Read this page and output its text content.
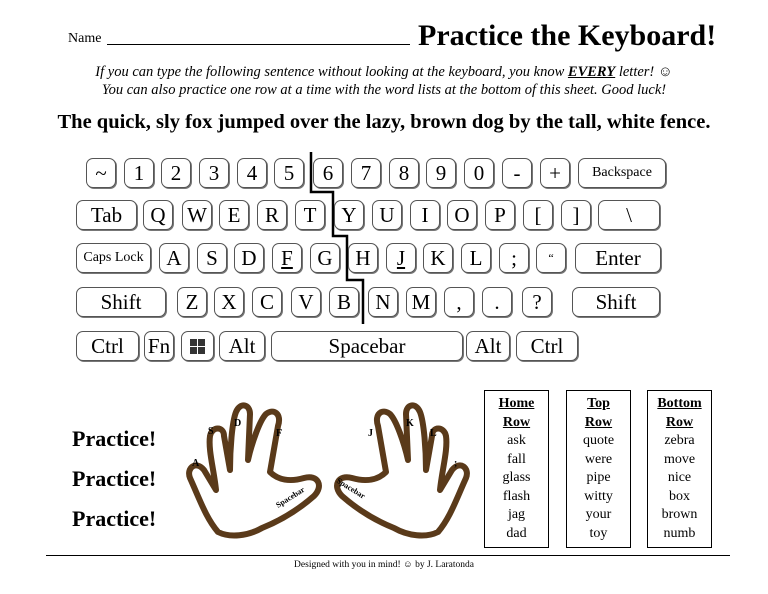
Name	Practice the Keyboard!
If you can type the following sentence without looking at the keyboard, you know EVERY letter! ☺
You can also practice one row at a time with the word lists at the bottom of this sheet. Good luck!
The quick, sly fox jumped over the lazy, brown dog by the tall, white fence.
~	1	2	3	4	5	6	7	8	9	0	-	+	Backspace
Tab	Q	W E	R	T	Y	U	I	O	P	[	]	\
Caps Lock	A	S	D	F	G	H	J	K	L	;	“	Enter
Shift	Z	X	C	V	B	N	M	,	.	?	Shift
Ctrl	Fn	Alt	Spacebar	Alt	Ctrl
A
S
D
F	J
K
L
;
Spacebar	Spacebar
Practice!
Practice!
Practice!
Home
Row
ask
fall
glass
flash
jag
dad
Top
Row
quote
were
pipe
witty
your
toy
Bottom
Row
zebra
move
nice
box
brown
numb
Designed with you in mind! ☺ by J. Laratonda
